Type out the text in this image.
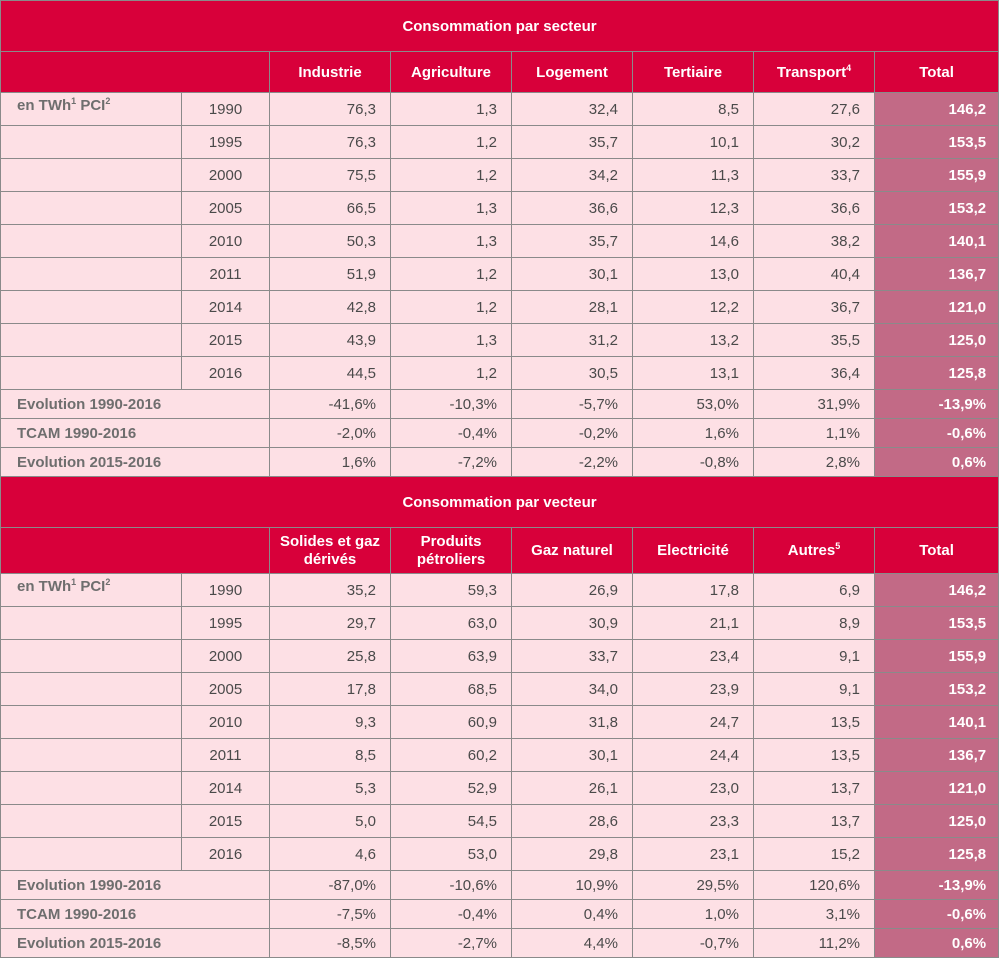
Consommation par secteur							
		Industrie	Agriculture	Logement	Tertiaire	Transport$^4$	Total
en TWh$^1$ PCI$^2$	1990	76,3	1,3	32,4	8,5	27,6	146,2
	1995	76,3	1,2	35,7	10,1	30,2	153,5
	2000	75,5	1,2	34,2	11,3	33,7	155,9
	2005	66,5	1,3	36,6	12,3	36,6	153,2
	2010	50,3	1,3	35,7	14,6	38,2	140,1
	2011	51,9	1,2	30,1	13,0	40,4	136,7
	2014	42,8	1,2	28,1	12,2	36,7	121,0
	2015	43,9	1,3	31,2	13,2	35,5	125,0
	2016	44,5	1,2	30,5	13,1	36,4	125,8
Evolution 1990-2016		-41,6%	-10,3%	-5,7%	53,0%	31,9%	-13,9%
TCAM 1990-2016		-2,0%	-0,4%	-0,2%	1,6%	1,1%	-0,6%
Evolution 2015-2016		1,6%	-7,2%	-2,2%	-0,8%	2,8%	0,6%
Consommation par vecteur							
		Solides et gaz dérivés	Produits pétroliers	Gaz naturel	Electricité	Autres$^5$	Total
en TWh$^1$ PCI$^2$	1990	35,2	59,3	26,9	17,8	6,9	146,2
	1995	29,7	63,0	30,9	21,1	8,9	153,5
	2000	25,8	63,9	33,7	23,4	9,1	155,9
	2005	17,8	68,5	34,0	23,9	9,1	153,2
	2010	9,3	60,9	31,8	24,7	13,5	140,1
	2011	8,5	60,2	30,1	24,4	13,5	136,7
	2014	5,3	52,9	26,1	23,0	13,7	121,0
	2015	5,0	54,5	28,6	23,3	13,7	125,0
	2016	4,6	53,0	29,8	23,1	15,2	125,8
Evolution 1990-2016		-87,0%	-10,6%	10,9%	29,5%	120,6%	-13,9%
TCAM 1990-2016		-7,5%	-0,4%	0,4%	1,0%	3,1%	-0,6%
Evolution 2015-2016		-8,5%	-2,7%	4,4%	-0,7%	11,2%	0,6%
